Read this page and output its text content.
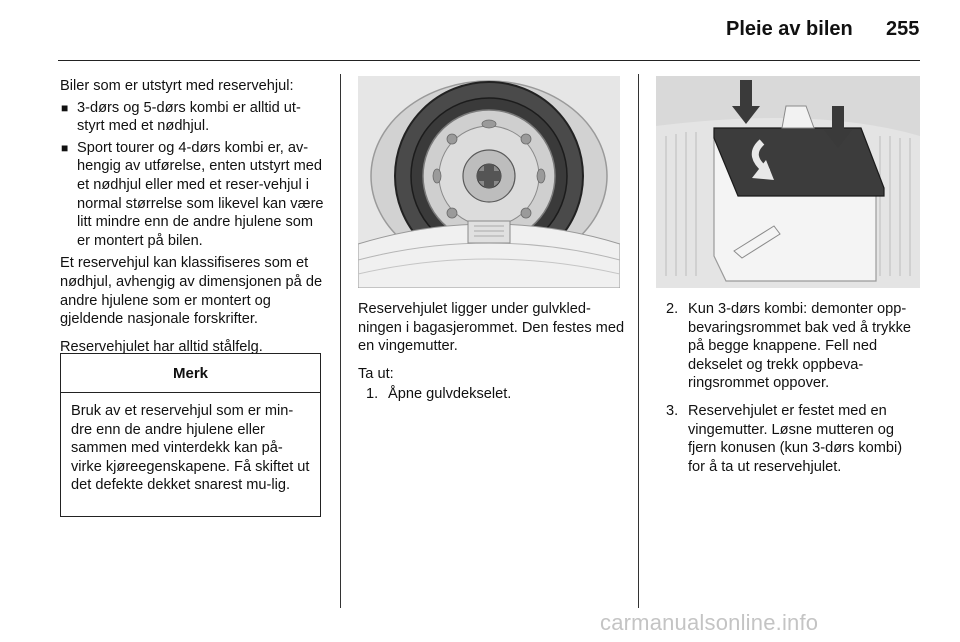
Pleie av bilen 255

Biler som er utstyrt med reservehjul:

■ 3-dørs og 5-dørs kombi er alltid ut-styrt med et nødhjul.
■ Sport tourer og 4-dørs kombi er, av-hengig av utførelse, enten utstyrt med et nødhjul eller med et reser-vehjul i normal størrelse som likevel kan være litt mindre enn de andre hjulene som er montert på bilen.

Et reservehjul kan klassifiseres som et nødhjul, avhengig av dimensjonen på de andre hjulene som er montert og gjeldende nasjonale forskrifter.

Reservehjulet har alltid stålfelg.

Merk
Bruk av et reservehjul som er min-dre enn de andre hjulene eller sammen med vinterdekk kan på-virke kjøreegenskapene. Få skiftet ut det defekte dekket snarest mu-lig.

Reservehjulet ligger under gulvkled-ningen i bagasjerommet. Den festes med en vingemutter.

Ta ut:

1. Åpne gulvdekselet.
2. Kun 3-dørs kombi: demonter opp-bevaringsrommet bak ved å trykke på begge knappene. Fell ned dekselet og trekk oppbeva-ringsrommet oppover.
3. Reservehjulet er festet med en vingemutter. Løsne mutteren og fjern konusen (kun 3-dørs kombi) for å ta ut reservehjulet.
carmanualsonline.info
